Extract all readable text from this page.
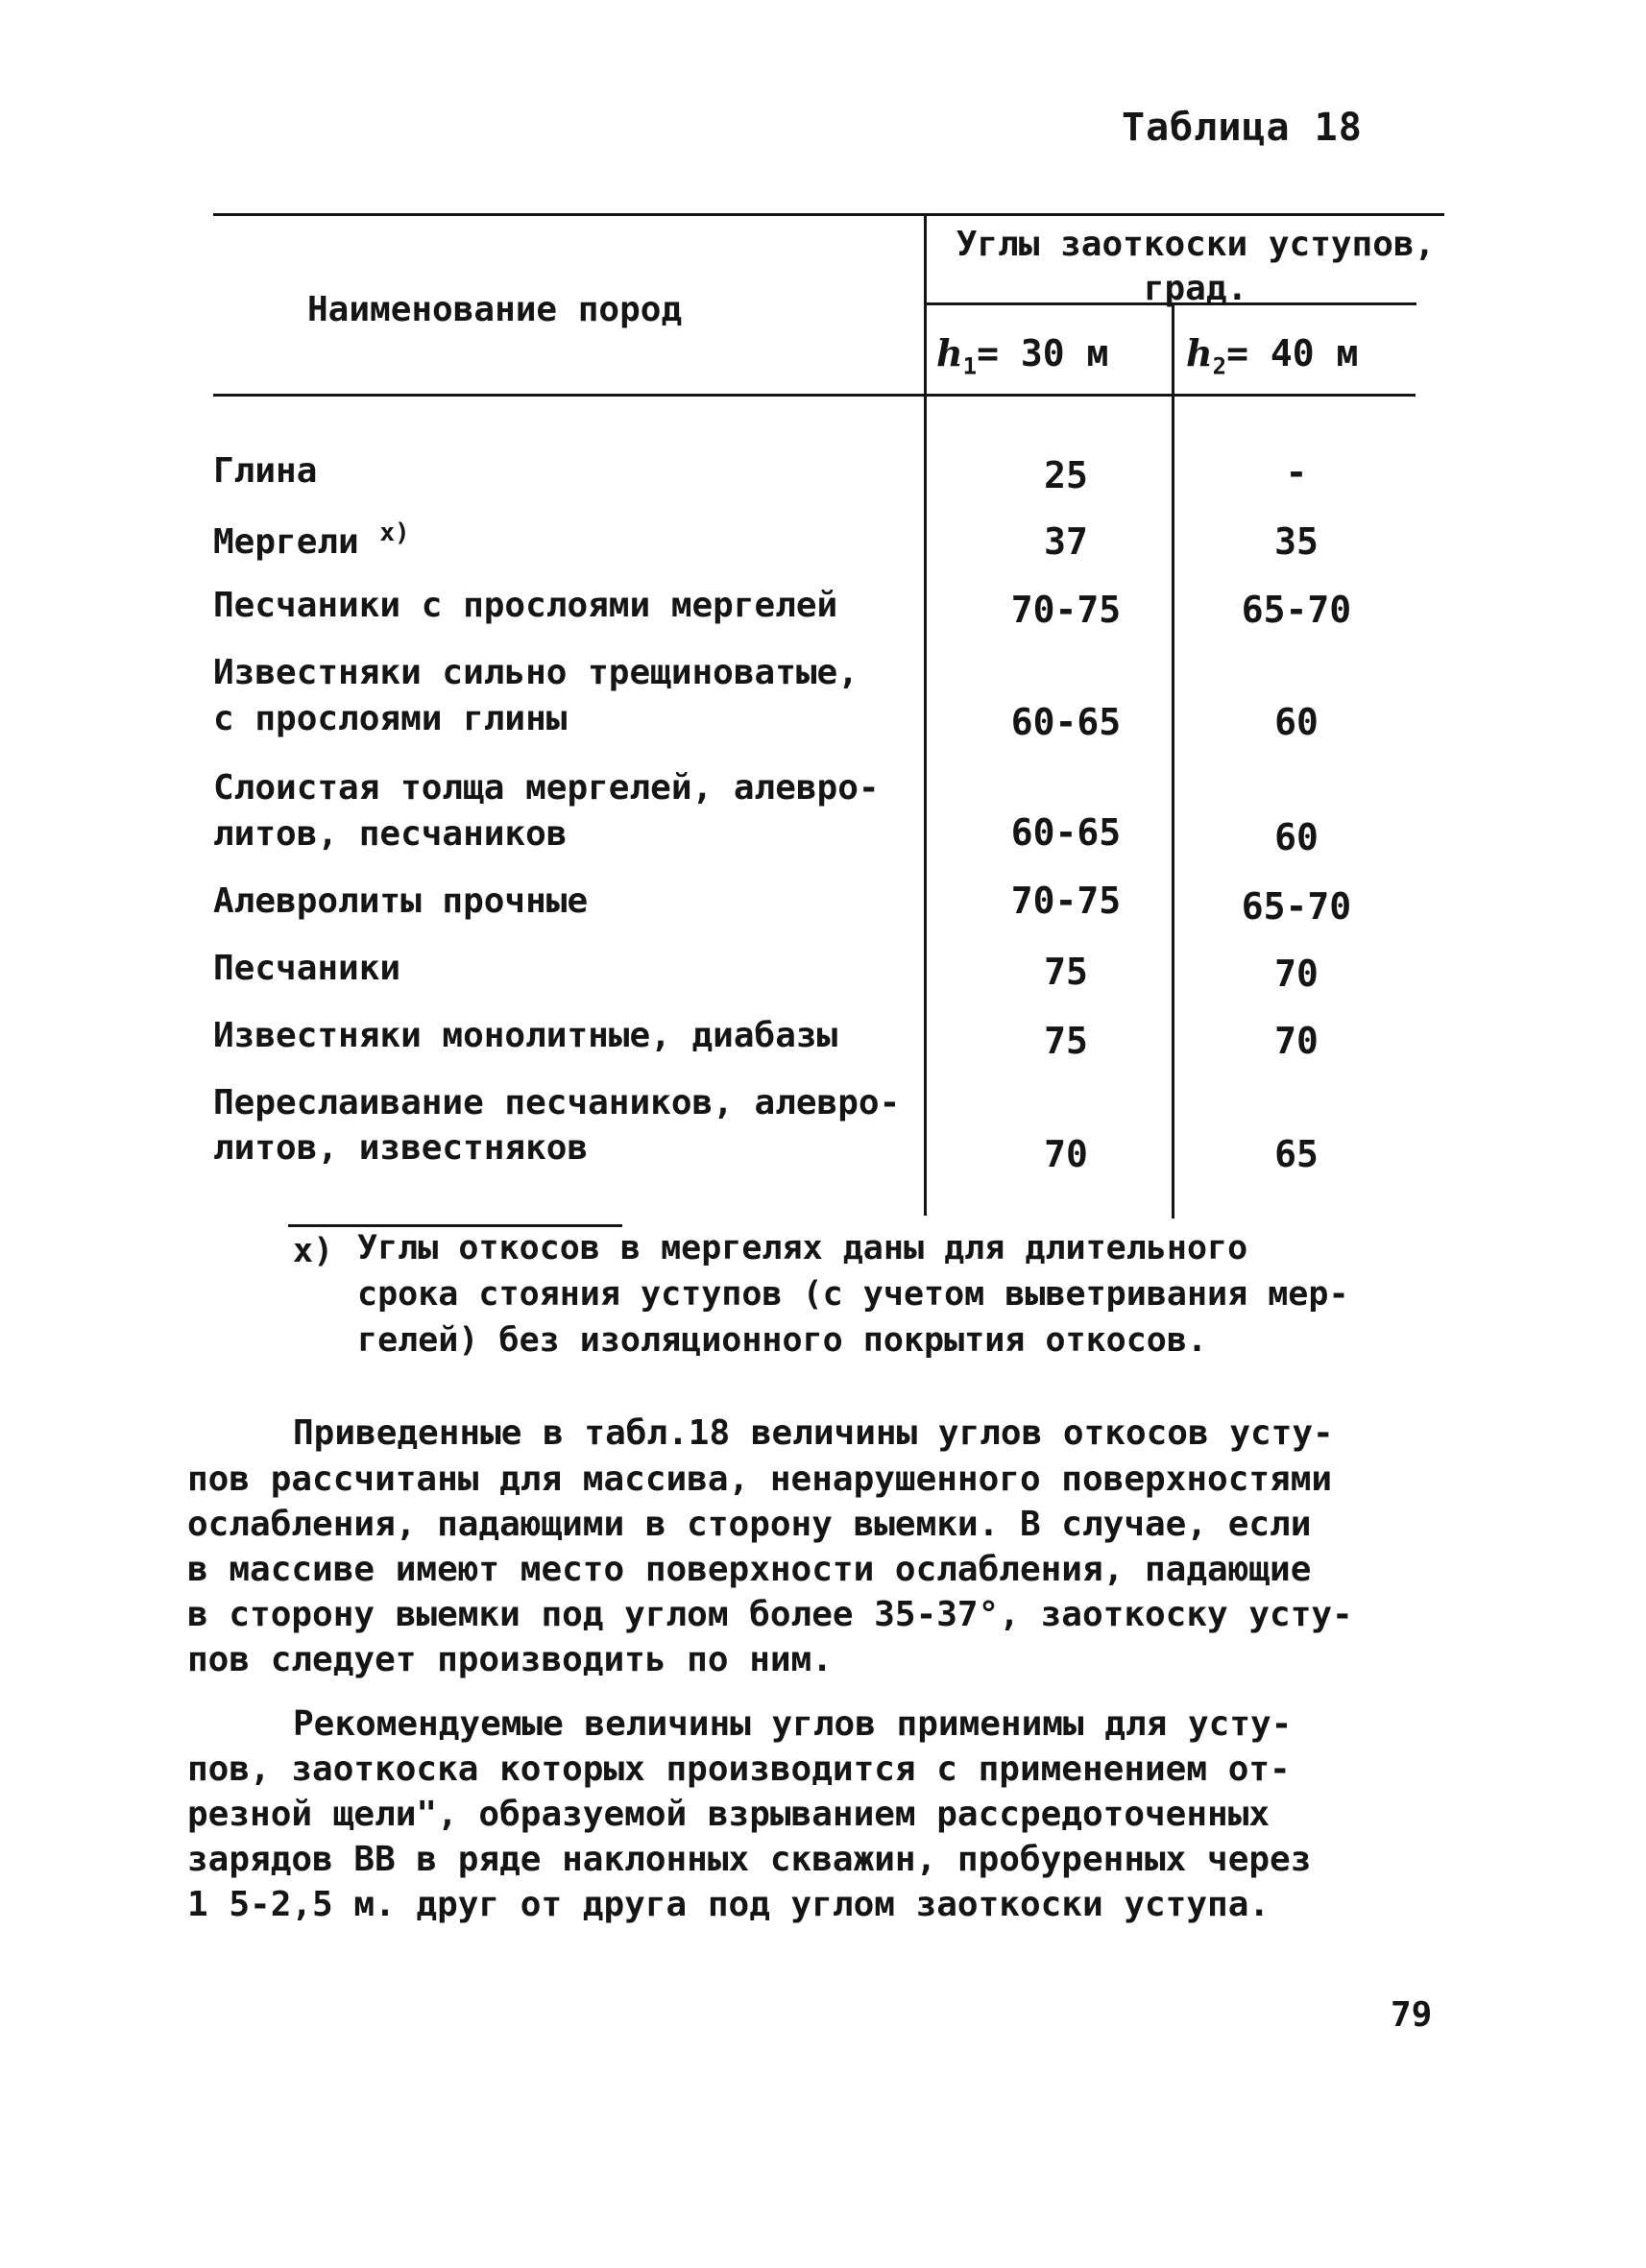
Таблица 18
Наименование пород
Углы заоткоски уступов, град.
$h_1= 30$ м $h_2= 40$ м
Глина	25	-
Мергели $^{х)}$	37	35
Песчаники с прослоями мергелей	70-75	65-70
Известняки сильно трещиноватые,
с прослоями глины	60-65	60
Слоистая толща мергелей, алевро-
литов, песчаников	60-65	60
Алевролиты прочные	70-75	65-70
Песчаники	75	70
Известняки монолитные, диабазы	75	70
Переслаивание песчаников, алевро-
литов, известняков	70	65
х) Углы откосов в мергелях даны для длительного
срока стояния уступов (с учетом выветривания мер-
гелей) без изоляционного покрытия откосов.
Приведенные в табл.18 величины углов откосов усту-
пов рассчитаны для массива, ненарушенного поверхностями
ослабления, падающими в сторону выемки. В случае, если
в массиве имеют место поверхности ослабления, падающие
в сторону выемки под углом более 35-37°, заоткоску усту-
пов следует производить по ним.
Рекомендуемые величины углов применимы для усту-
пов, заоткоска которых производится с применением от-
резной щели", образуемой взрыванием рассредоточенных
зарядов ВВ в ряде наклонных скважин, пробуренных через
1 5-2,5 м. друг от друга под углом заоткоски уступа.
79
